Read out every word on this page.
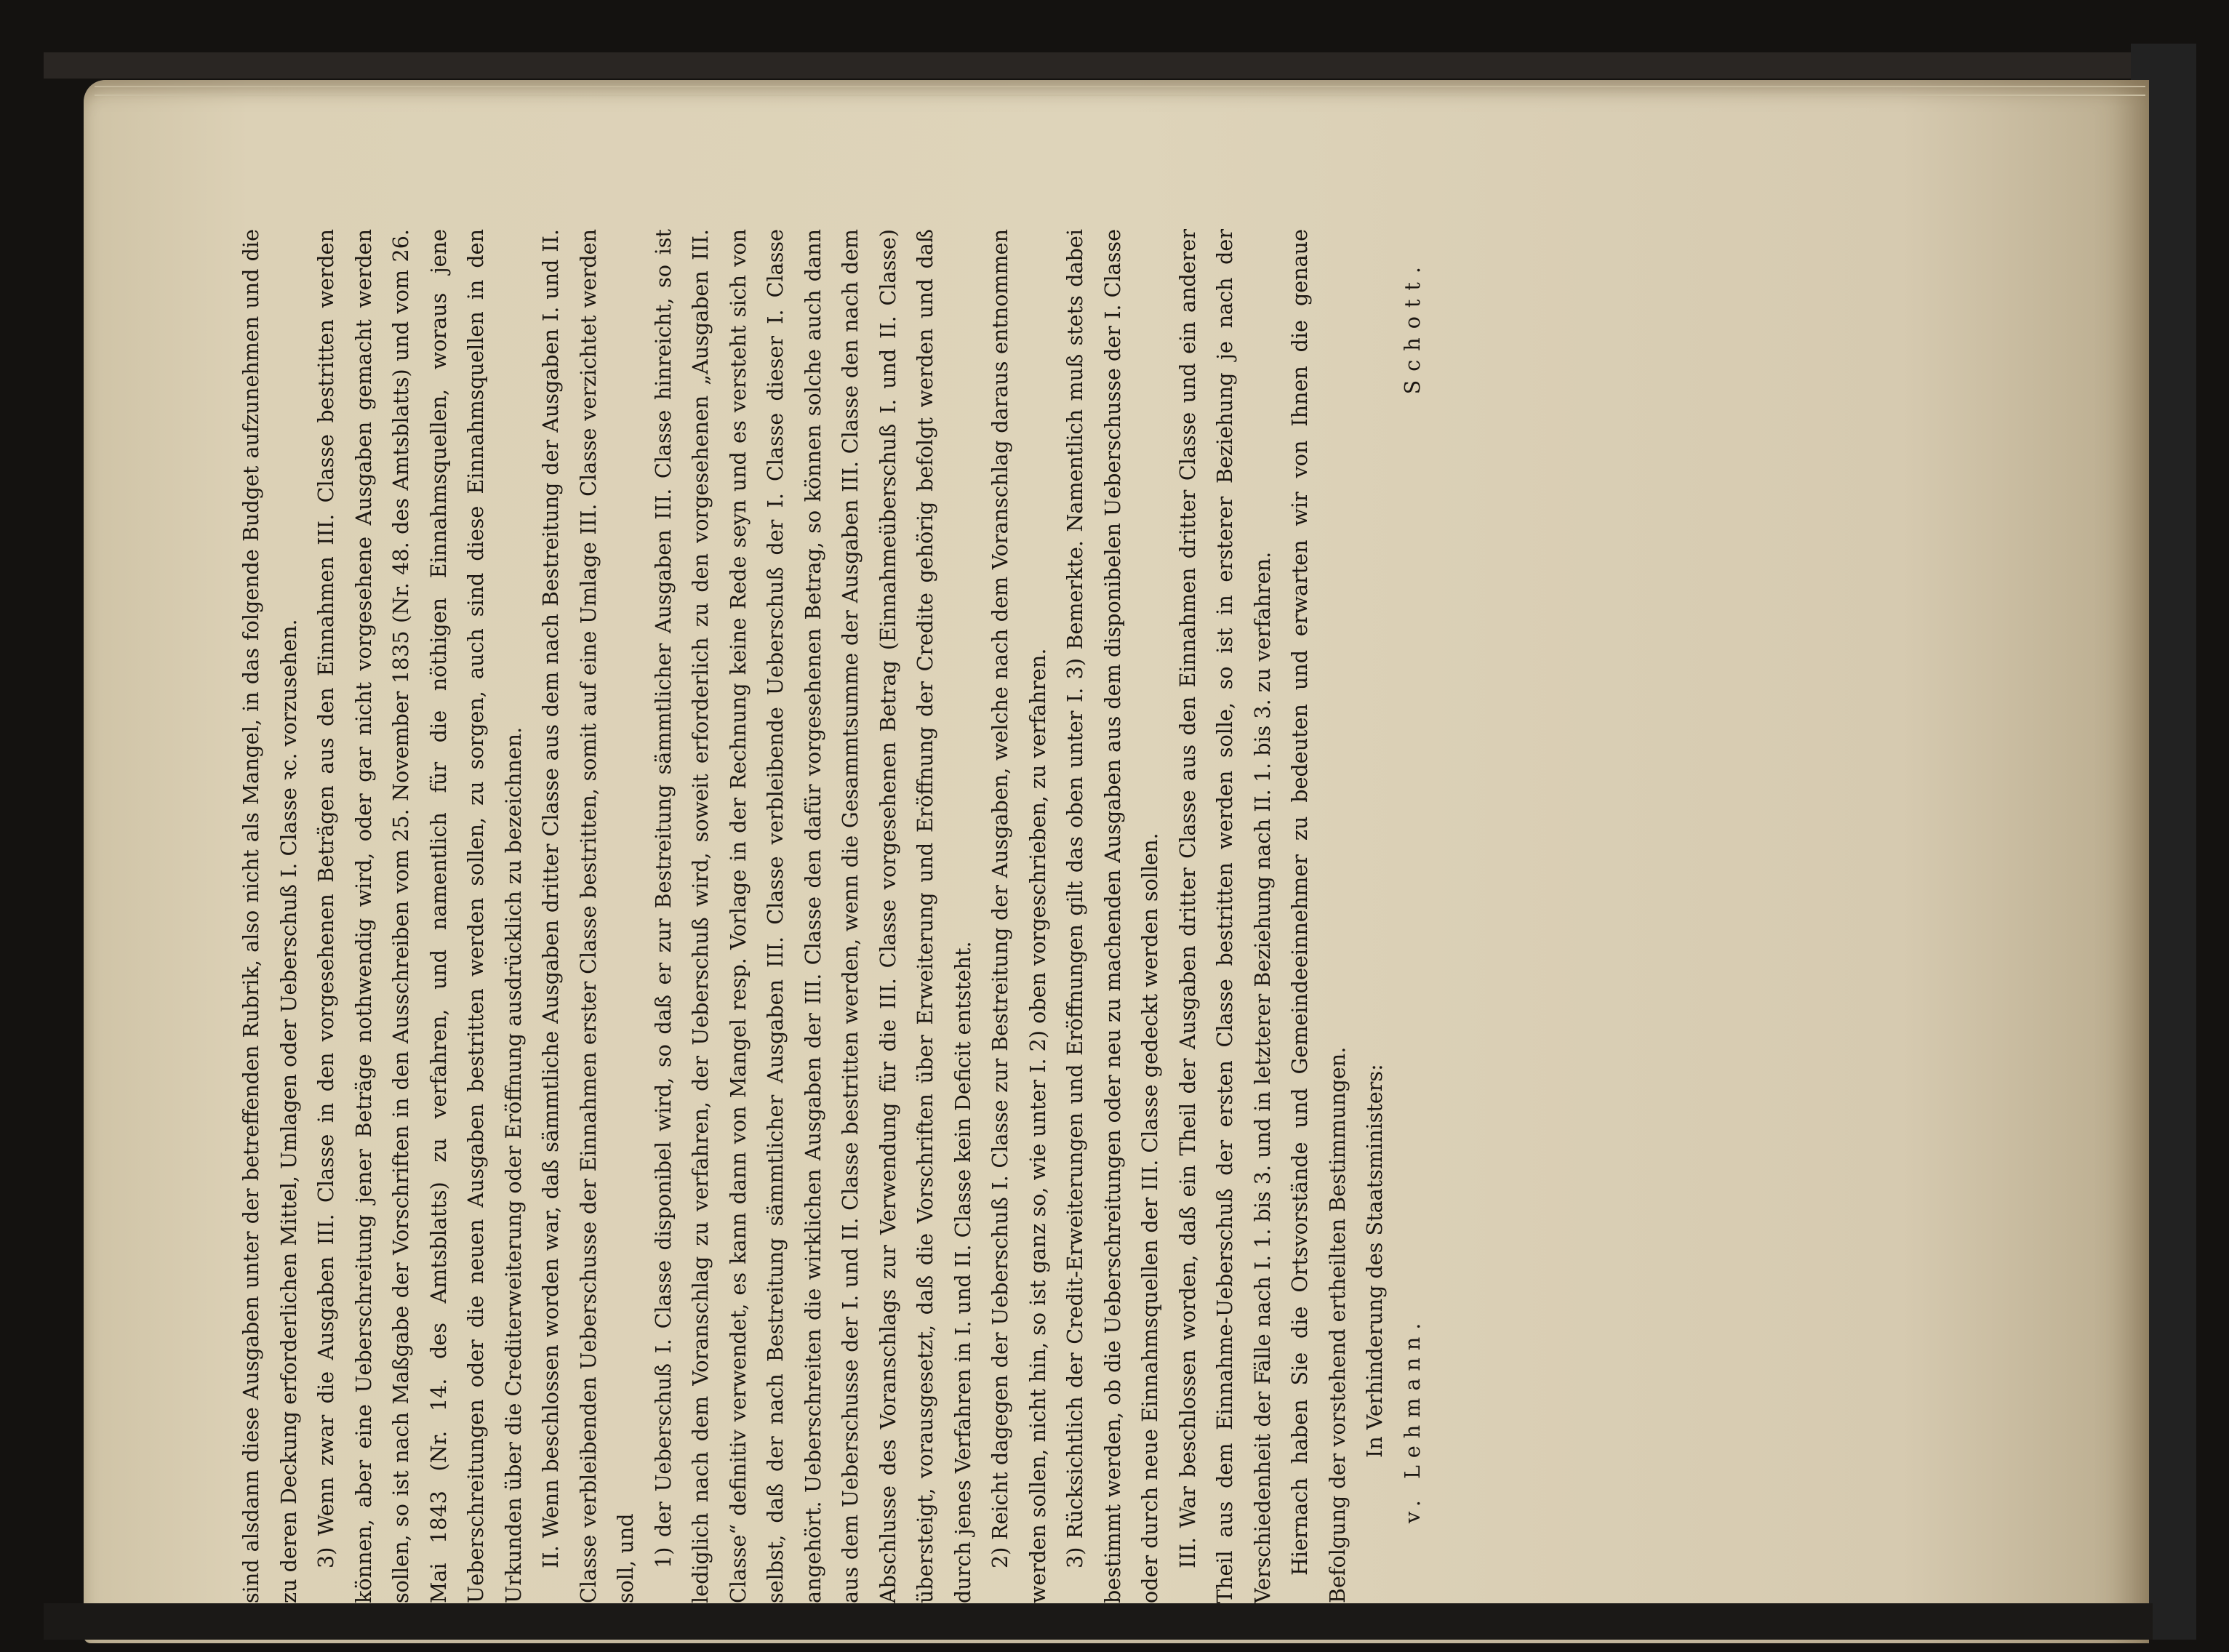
sind alsdann diese Ausgaben unter der betreffenden Rubrik, also nicht als Mangel, in das folgende Budget aufzunehmen und die zu deren Deckung erforderlichen Mittel, Umlagen oder Ueberschuß I. Classe ꝛc. vorzusehen. 3) Wenn zwar die Ausgaben III. Classe in den vorgesehenen Beträgen aus den Einnahmen III. Classe bestritten werden können, aber eine Ueberschreitung jener Beträge nothwendig wird, oder gar nicht vorgesehene Ausgaben gemacht werden sollen, so ist nach Maßgabe der Vorschriften in den Ausschreiben vom 25. November 1835 (Nr. 48. des Amtsblatts) und vom 26. Mai 1843 (Nr. 14. des Amtsblatts) zu verfahren, und namentlich für die nöthigen Einnahmsquellen, woraus jene Ueberschreitungen oder die neuen Ausgaben bestritten werden sollen, zu sorgen, auch sind diese Einnahmsquellen in den Urkunden über die Crediterweiterung oder Eröffnung ausdrücklich zu bezeichnen. II. Wenn beschlossen worden war, daß sämmtliche Ausgaben dritter Classe aus dem nach Bestreitung der Ausgaben I. und II. Classe verbleibenden Ueberschusse der Einnahmen erster Classe bestritten, somit auf eine Umlage III. Classe verzichtet werden soll, und 1) der Ueberschuß I. Classe disponibel wird, so daß er zur Bestreitung sämmtlicher Ausgaben III. Classe hinreicht, so ist lediglich nach dem Voranschlag zu verfahren, der Ueberschuß wird, soweit erforderlich zu den vorgesehenen „Ausgaben III. Classe“ definitiv verwendet, es kann dann von Mangel resp. Vorlage in der Rechnung keine Rede seyn und es versteht sich von selbst, daß der nach Bestreitung sämmtlicher Ausgaben III. Classe verbleibende Ueberschuß der I. Classe dieser I. Classe angehört. Ueberschreiten die wirklichen Ausgaben der III. Classe den dafür vorgesehenen Betrag, so können solche auch dann aus dem Ueberschusse der I. und II. Classe bestritten werden, wenn die Gesammtsumme der Ausgaben III. Classe den nach dem Abschlusse des Voranschlags zur Verwendung für die III. Classe vorgesehenen Betrag (Einnahmeüberschuß I. und II. Classe) übersteigt, vorausgesetzt, daß die Vorschriften über Erweiterung und Eröffnung der Credite gehörig befolgt werden und daß durch jenes Verfahren in I. und II. Classe kein Deficit entsteht. 2) Reicht dagegen der Ueberschuß I. Classe zur Bestreitung der Ausgaben, welche nach dem Voranschlag daraus entnommen werden sollen, nicht hin, so ist ganz so, wie unter I. 2) oben vorgeschrieben, zu verfahren. 3) Rücksichtlich der Credit-Erweiterungen und Eröffnungen gilt das oben unter I. 3) Bemerkte. Namentlich muß stets dabei bestimmt werden, ob die Ueberschreitungen oder neu zu machenden Ausgaben aus dem disponibelen Ueberschusse der I. Classe oder durch neue Einnahmsquellen der III. Classe gedeckt werden sollen. III. War beschlossen worden, daß ein Theil der Ausgaben dritter Classe aus den Einnahmen dritter Classe und ein anderer Theil aus dem Einnahme-Ueberschuß der ersten Classe bestritten werden solle, so ist in ersterer Beziehung je nach der Verschiedenheit der Fälle nach I. 1. bis 3. und in letzterer Beziehung nach II. 1. bis 3. zu verfahren. Hiernach haben Sie die Ortsvorstände und Gemeindeeinnehmer zu bedeuten und erwarten wir von Ihnen die genaue Befolgung der vorstehend ertheilten Bestimmungen. In Verhinderung des Staatsministers: v. Lehmann.
Schott.
